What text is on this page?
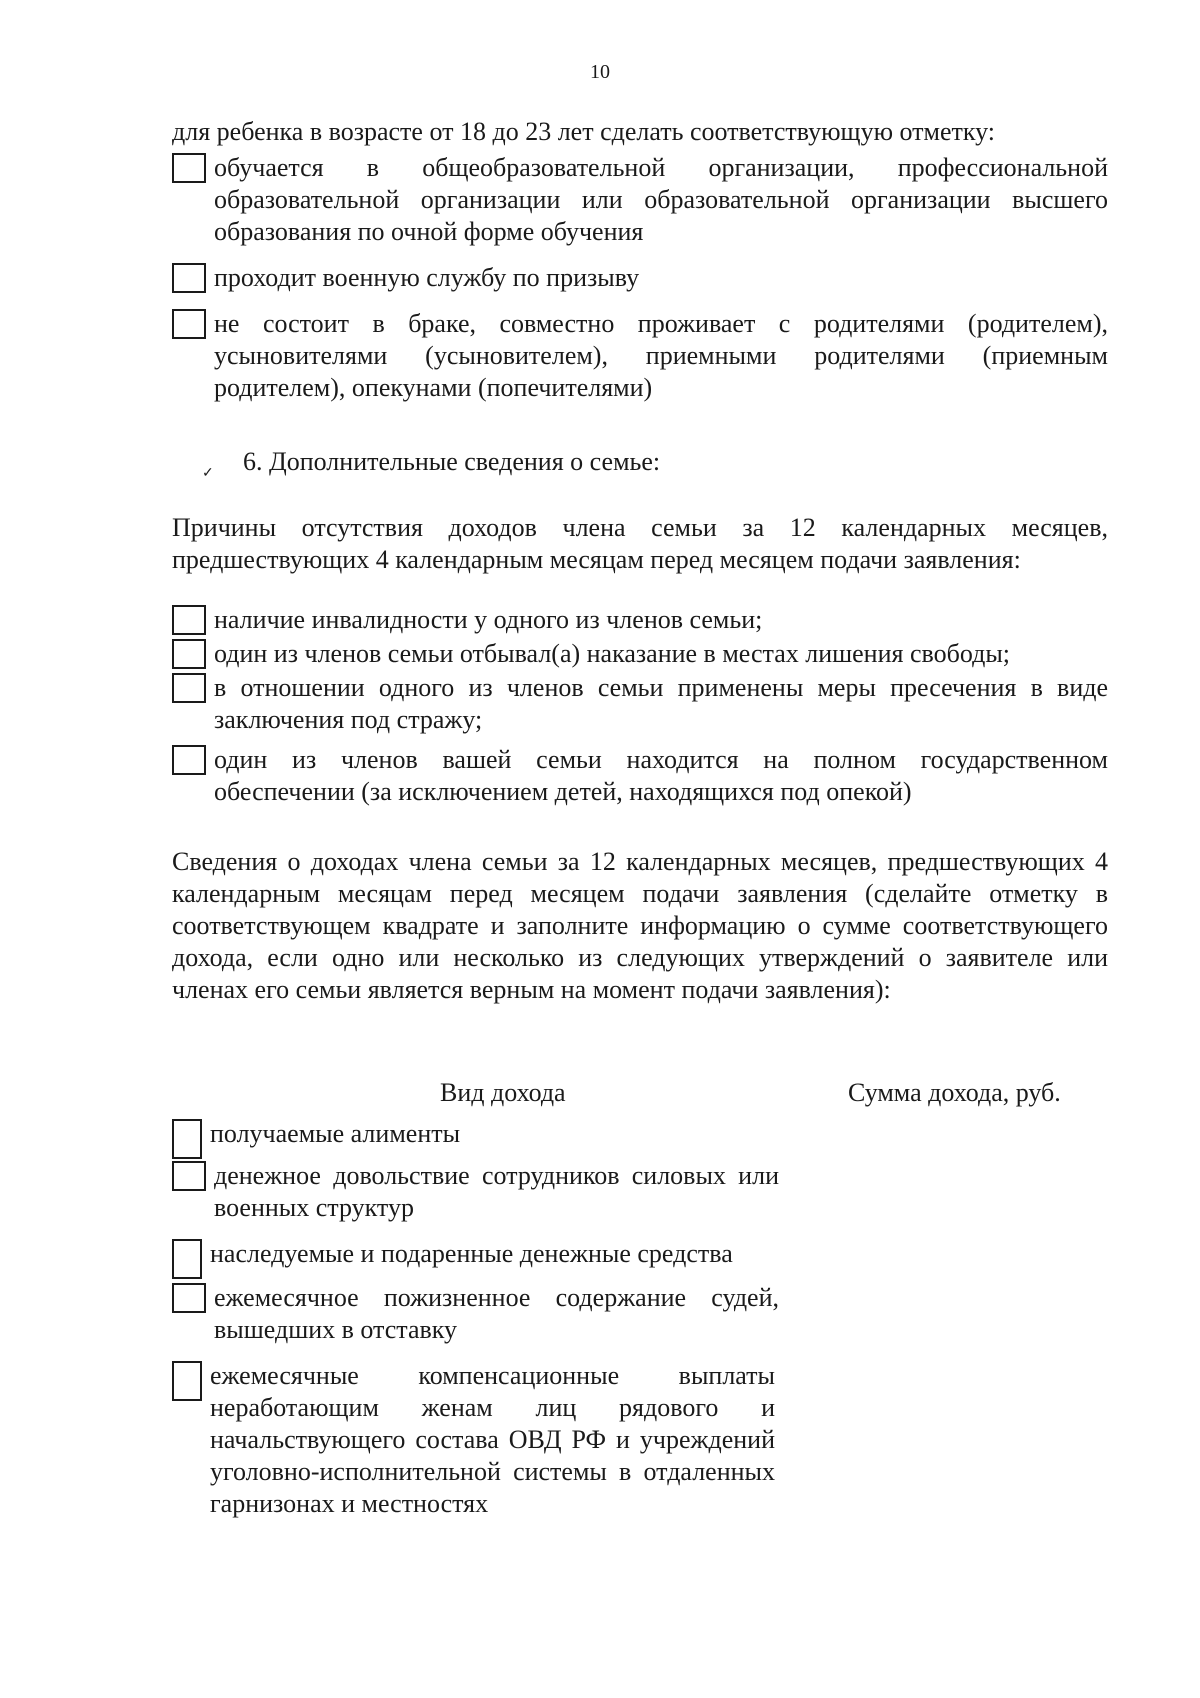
10
для ребенка в возрасте от 18 до 23 лет сделать соответствующую отметку:
обучается в общеобразовательной организации, профессиональной образовательной организации или образовательной организации высшего образования по очной форме обучения
проходит военную службу по призыву
не состоит в браке, совместно проживает с родителями (родителем), усыновителями (усыновителем), приемными родителями (приемным родителем), опекунами (попечителями)
6. Дополнительные сведения о семье:
✓
Причины отсутствия доходов члена семьи за 12 календарных месяцев, предшествующих 4 календарным месяцам перед месяцем подачи заявления:
наличие инвалидности у одного из членов семьи;
один из членов семьи отбывал(а) наказание в местах лишения свободы;
в отношении одного из членов семьи применены меры пресечения в виде заключения под стражу;
один из членов вашей семьи находится на полном государственном обеспечении (за исключением детей, находящихся под опекой)
Сведения о доходах члена семьи за 12 календарных месяцев, предшествующих 4 календарным месяцам перед месяцем подачи заявления (сделайте отметку в соответствующем квадрате и заполните информацию о сумме соответствующего дохода, если одно или несколько из следующих утверждений о заявителе или членах его семьи является верным на момент подачи заявления):
Вид дохода	Сумма дохода, руб.
получаемые алименты
денежное довольствие сотрудников силовых или военных структур
наследуемые и подаренные денежные средства
ежемесячное пожизненное содержание судей, вышедших в отставку
ежемесячные компенсационные выплаты неработающим женам лиц рядового и начальствующего состава ОВД РФ и учреждений уголовно-исполнительной системы в отдаленных гарнизонах и местностях
